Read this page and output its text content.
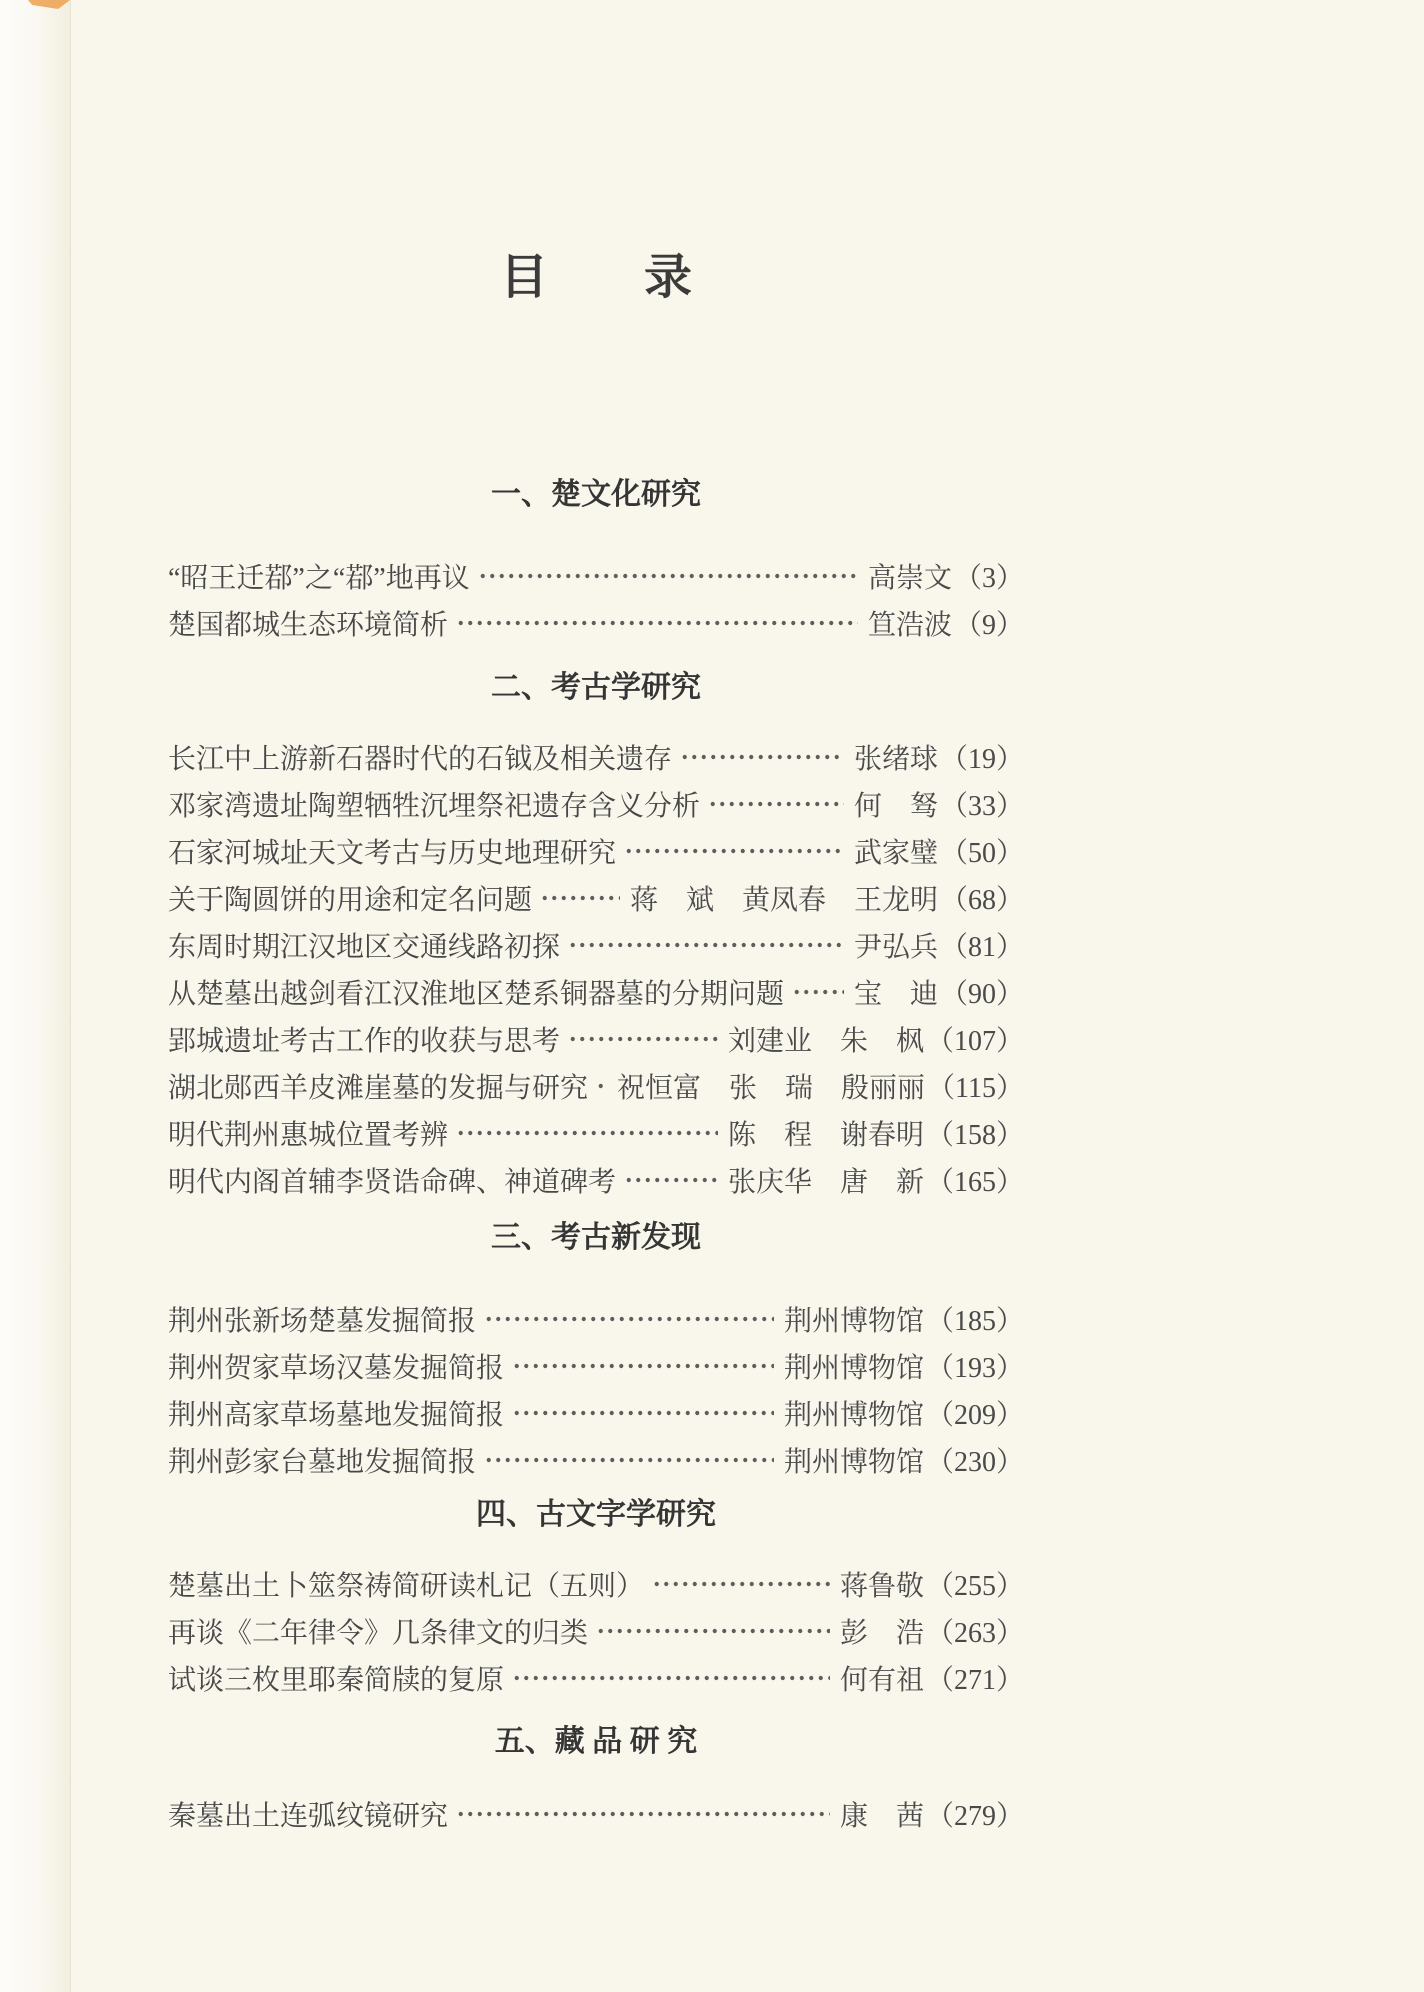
目　　录
一、楚文化研究
“昭王迁鄀”之“鄀”地再议	高崇文 （ 3 ）
楚国都城生态环境简析	笪浩波 （ 9 ）
二、考古学研究
长江中上游新石器时代的石钺及相关遗存	张绪球 （ 19 ）
邓家湾遗址陶塑牺牲沉埋祭祀遗存含义分析	何　驽 （ 33 ）
石家河城址天文考古与历史地理研究	武家璧 （ 50 ）
关于陶圆饼的用途和定名问题	蒋　斌　黄凤春　王龙明 （ 68 ）
东周时期江汉地区交通线路初探	尹弘兵 （ 81 ）
从楚墓出越剑看江汉淮地区楚系铜器墓的分期问题 宝　迪 （ 90 ）
郢城遗址考古工作的收获与思考	刘建业　朱　枫 （ 107 ）
湖北郧西羊皮滩崖墓的发掘与研究 祝恒富　张　瑞　殷丽丽 （ 115 ）
明代荆州惠城位置考辨	陈　程　谢春明 （ 158 ）
明代内阁首辅李贤诰命碑、神道碑考	张庆华　唐　新 （ 165 ）
三、考古新发现
荆州张新场楚墓发掘简报	荆州博物馆 （ 185 ）
荆州贺家草场汉墓发掘简报	荆州博物馆 （ 193 ）
荆州高家草场墓地发掘简报	荆州博物馆 （ 209 ）
荆州彭家台墓地发掘简报	荆州博物馆 （ 230 ）
四、古文字学研究
楚墓出土卜筮祭祷简研读札记（五则）	蒋鲁敬 （ 255 ）
再谈《二年律令》几条律文的归类	彭　浩 （ 263 ）
试谈三枚里耶秦简牍的复原	何有祖 （ 271 ）
五、藏 品 研 究
秦墓出土连弧纹镜研究	康　茜 （ 279 ）
